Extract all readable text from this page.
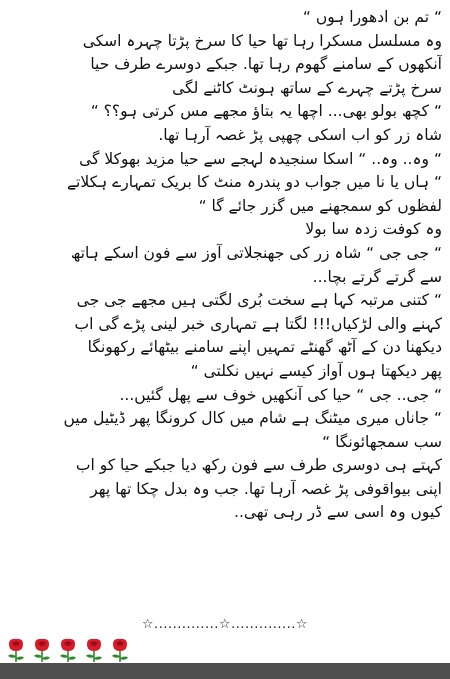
“ تم بن ادھورا ہوں “
وہ مسلسل مسکرا رہا تھا حیا کا سرخ پڑتا چہرہ اسکی
آنکھوں کے سامنے گھوم رہا تھا. جبکے دوسرے طرف حیا
سرخ پڑتے چہرے کے ساتھ ہونٹ کاٹنے لگی
“ کچھ بولو بھی... اچھا یہ بتاؤ مجھے مس کرتی ہو؟؟ “
شاہ زر کو اب اسکی چھپی پڑ غصہ آرہا تھا.
“ وہ.. وہ.. “ اسکا سنجیدہ لہجے سے حیا مزید بھوکلا گی
“ ہاں یا نا میں جواب دو پندرہ منٹ کا بریک تمہارے ہکلاتے
لفظوں کو سمجھنے میں گزر جائے گا “
وہ کوفت زدہ سا بولا
“ جی جی “ شاہ زر کی جھنجلاتی آوز سے فون اسکے ہاتھ
سے گرتے گرتے بچا...
“ کتنی مرتبہ کہا ہے سخت بُری لگتی ہیں مجھے جی جی
کہنے والی لڑکیاں!!! لگتا ہے تمہاری خبر لینی پڑے گی اب
دیکھنا دن کے آٹھ گھنٹے تمہیں اپنے سامنے بیٹھائے رکھونگا
پھر دیکھتا ہوں آواز کیسے نہیں نکلتی “
“ جی.. جی “ حیا کی آنکھیں خوف سے پھل گئیں...
“ جاناں میری میٹنگ ہے شام میں کال کرونگا پھر ڈیٹیل میں
سب سمجھائونگا “
کہتے ہی دوسری طرف سے فون رکھ دیا جبکے حیا کو اب
اپنی بیواقوفی پڑ غصہ آرہا تھا. جب وہ بدل چکا تھا پھر
کیوں وہ اسی سے ڈر رہی تھی..
☆..............☆..............☆
